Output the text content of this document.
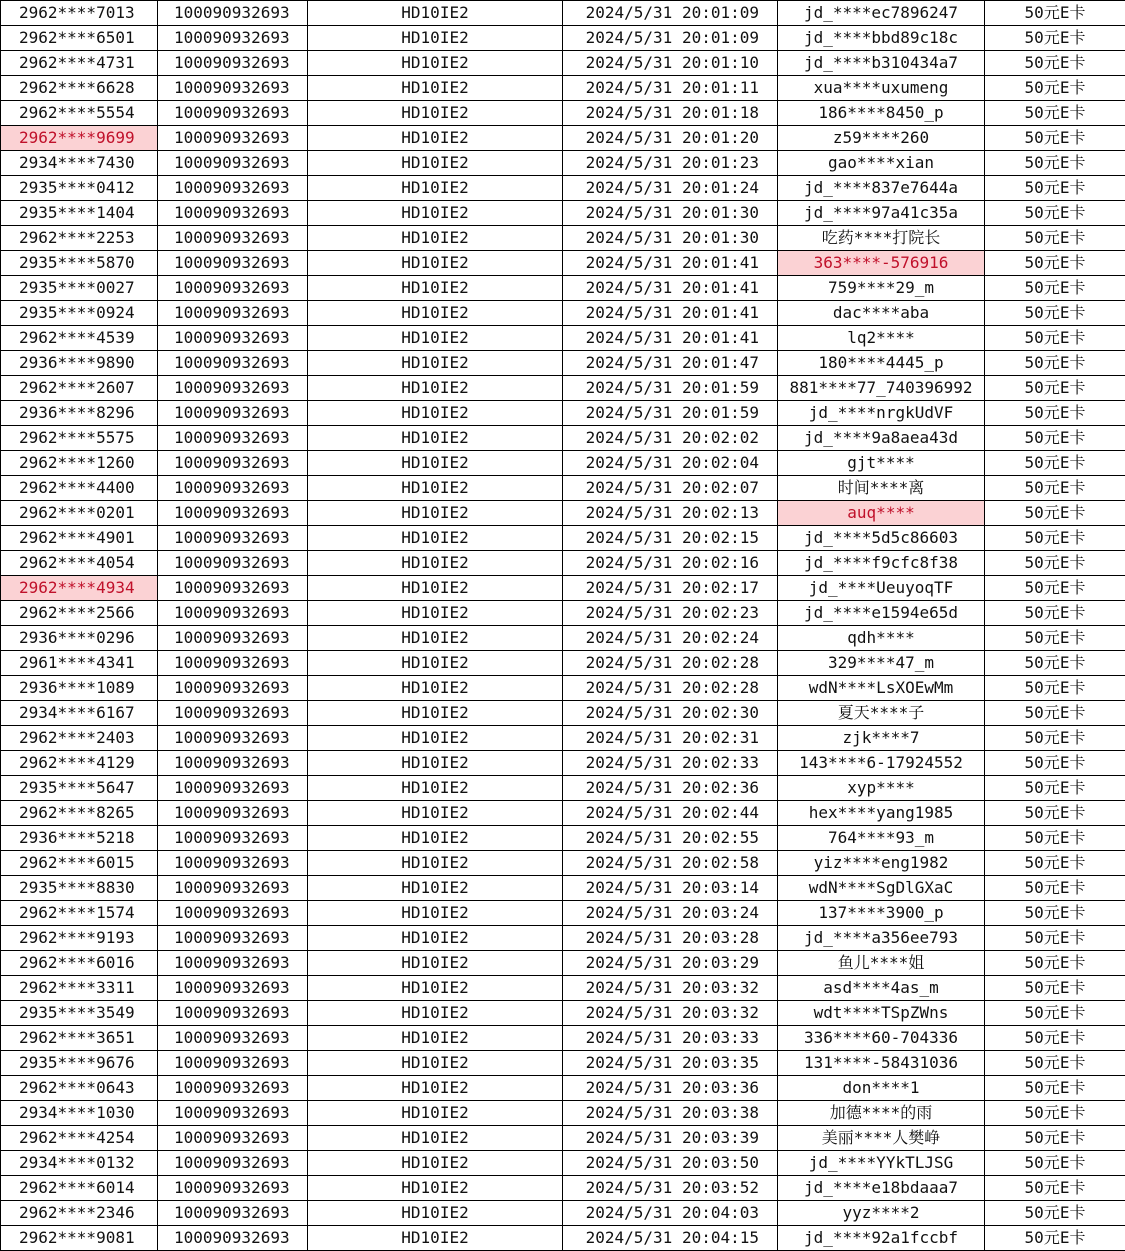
2962****7013	100090932693	HD10IE2	2024/5/31 20:01:09	jd_****ec7896247	50元E卡
2962****6501	100090932693	HD10IE2	2024/5/31 20:01:09	jd_****bbd89c18c	50元E卡
2962****4731	100090932693	HD10IE2	2024/5/31 20:01:10	jd_****b310434a7	50元E卡
2962****6628	100090932693	HD10IE2	2024/5/31 20:01:11	xua****uxumeng	50元E卡
2962****5554	100090932693	HD10IE2	2024/5/31 20:01:18	186****8450_p	50元E卡
2962****9699	100090932693	HD10IE2	2024/5/31 20:01:20	z59****260	50元E卡
2934****7430	100090932693	HD10IE2	2024/5/31 20:01:23	gao****xian	50元E卡
2935****0412	100090932693	HD10IE2	2024/5/31 20:01:24	jd_****837e7644a	50元E卡
2935****1404	100090932693	HD10IE2	2024/5/31 20:01:30	jd_****97a41c35a	50元E卡
2962****2253	100090932693	HD10IE2	2024/5/31 20:01:30	吃药****打院长	50元E卡
2935****5870	100090932693	HD10IE2	2024/5/31 20:01:41	363****-576916	50元E卡
2935****0027	100090932693	HD10IE2	2024/5/31 20:01:41	759****29_m	50元E卡
2935****0924	100090932693	HD10IE2	2024/5/31 20:01:41	dac****aba	50元E卡
2962****4539	100090932693	HD10IE2	2024/5/31 20:01:41	lq2****	50元E卡
2936****9890	100090932693	HD10IE2	2024/5/31 20:01:47	180****4445_p	50元E卡
2962****2607	100090932693	HD10IE2	2024/5/31 20:01:59	881****77_740396992	50元E卡
2936****8296	100090932693	HD10IE2	2024/5/31 20:01:59	jd_****nrgkUdVF	50元E卡
2962****5575	100090932693	HD10IE2	2024/5/31 20:02:02	jd_****9a8aea43d	50元E卡
2962****1260	100090932693	HD10IE2	2024/5/31 20:02:04	gjt****	50元E卡
2962****4400	100090932693	HD10IE2	2024/5/31 20:02:07	时间****离	50元E卡
2962****0201	100090932693	HD10IE2	2024/5/31 20:02:13	auq****	50元E卡
2962****4901	100090932693	HD10IE2	2024/5/31 20:02:15	jd_****5d5c86603	50元E卡
2962****4054	100090932693	HD10IE2	2024/5/31 20:02:16	jd_****f9cfc8f38	50元E卡
2962****4934	100090932693	HD10IE2	2024/5/31 20:02:17	jd_****UeuyoqTF	50元E卡
2962****2566	100090932693	HD10IE2	2024/5/31 20:02:23	jd_****e1594e65d	50元E卡
2936****0296	100090932693	HD10IE2	2024/5/31 20:02:24	qdh****	50元E卡
2961****4341	100090932693	HD10IE2	2024/5/31 20:02:28	329****47_m	50元E卡
2936****1089	100090932693	HD10IE2	2024/5/31 20:02:28	wdN****LsXOEwMm	50元E卡
2934****6167	100090932693	HD10IE2	2024/5/31 20:02:30	夏天****子	50元E卡
2962****2403	100090932693	HD10IE2	2024/5/31 20:02:31	zjk****7	50元E卡
2962****4129	100090932693	HD10IE2	2024/5/31 20:02:33	143****6-17924552	50元E卡
2935****5647	100090932693	HD10IE2	2024/5/31 20:02:36	xyp****	50元E卡
2962****8265	100090932693	HD10IE2	2024/5/31 20:02:44	hex****yang1985	50元E卡
2936****5218	100090932693	HD10IE2	2024/5/31 20:02:55	764****93_m	50元E卡
2962****6015	100090932693	HD10IE2	2024/5/31 20:02:58	yiz****eng1982	50元E卡
2935****8830	100090932693	HD10IE2	2024/5/31 20:03:14	wdN****SgDlGXaC	50元E卡
2962****1574	100090932693	HD10IE2	2024/5/31 20:03:24	137****3900_p	50元E卡
2962****9193	100090932693	HD10IE2	2024/5/31 20:03:28	jd_****a356ee793	50元E卡
2962****6016	100090932693	HD10IE2	2024/5/31 20:03:29	鱼儿****姐	50元E卡
2962****3311	100090932693	HD10IE2	2024/5/31 20:03:32	asd****4as_m	50元E卡
2935****3549	100090932693	HD10IE2	2024/5/31 20:03:32	wdt****TSpZWns	50元E卡
2962****3651	100090932693	HD10IE2	2024/5/31 20:03:33	336****60-704336	50元E卡
2935****9676	100090932693	HD10IE2	2024/5/31 20:03:35	131****-58431036	50元E卡
2962****0643	100090932693	HD10IE2	2024/5/31 20:03:36	don****1	50元E卡
2934****1030	100090932693	HD10IE2	2024/5/31 20:03:38	加德****的雨	50元E卡
2962****4254	100090932693	HD10IE2	2024/5/31 20:03:39	美丽****人樊峥	50元E卡
2934****0132	100090932693	HD10IE2	2024/5/31 20:03:50	jd_****YYkTLJSG	50元E卡
2962****6014	100090932693	HD10IE2	2024/5/31 20:03:52	jd_****e18bdaaa7	50元E卡
2962****2346	100090932693	HD10IE2	2024/5/31 20:04:03	yyz****2	50元E卡
2962****9081	100090932693	HD10IE2	2024/5/31 20:04:15	jd_****92a1fccbf	50元E卡
